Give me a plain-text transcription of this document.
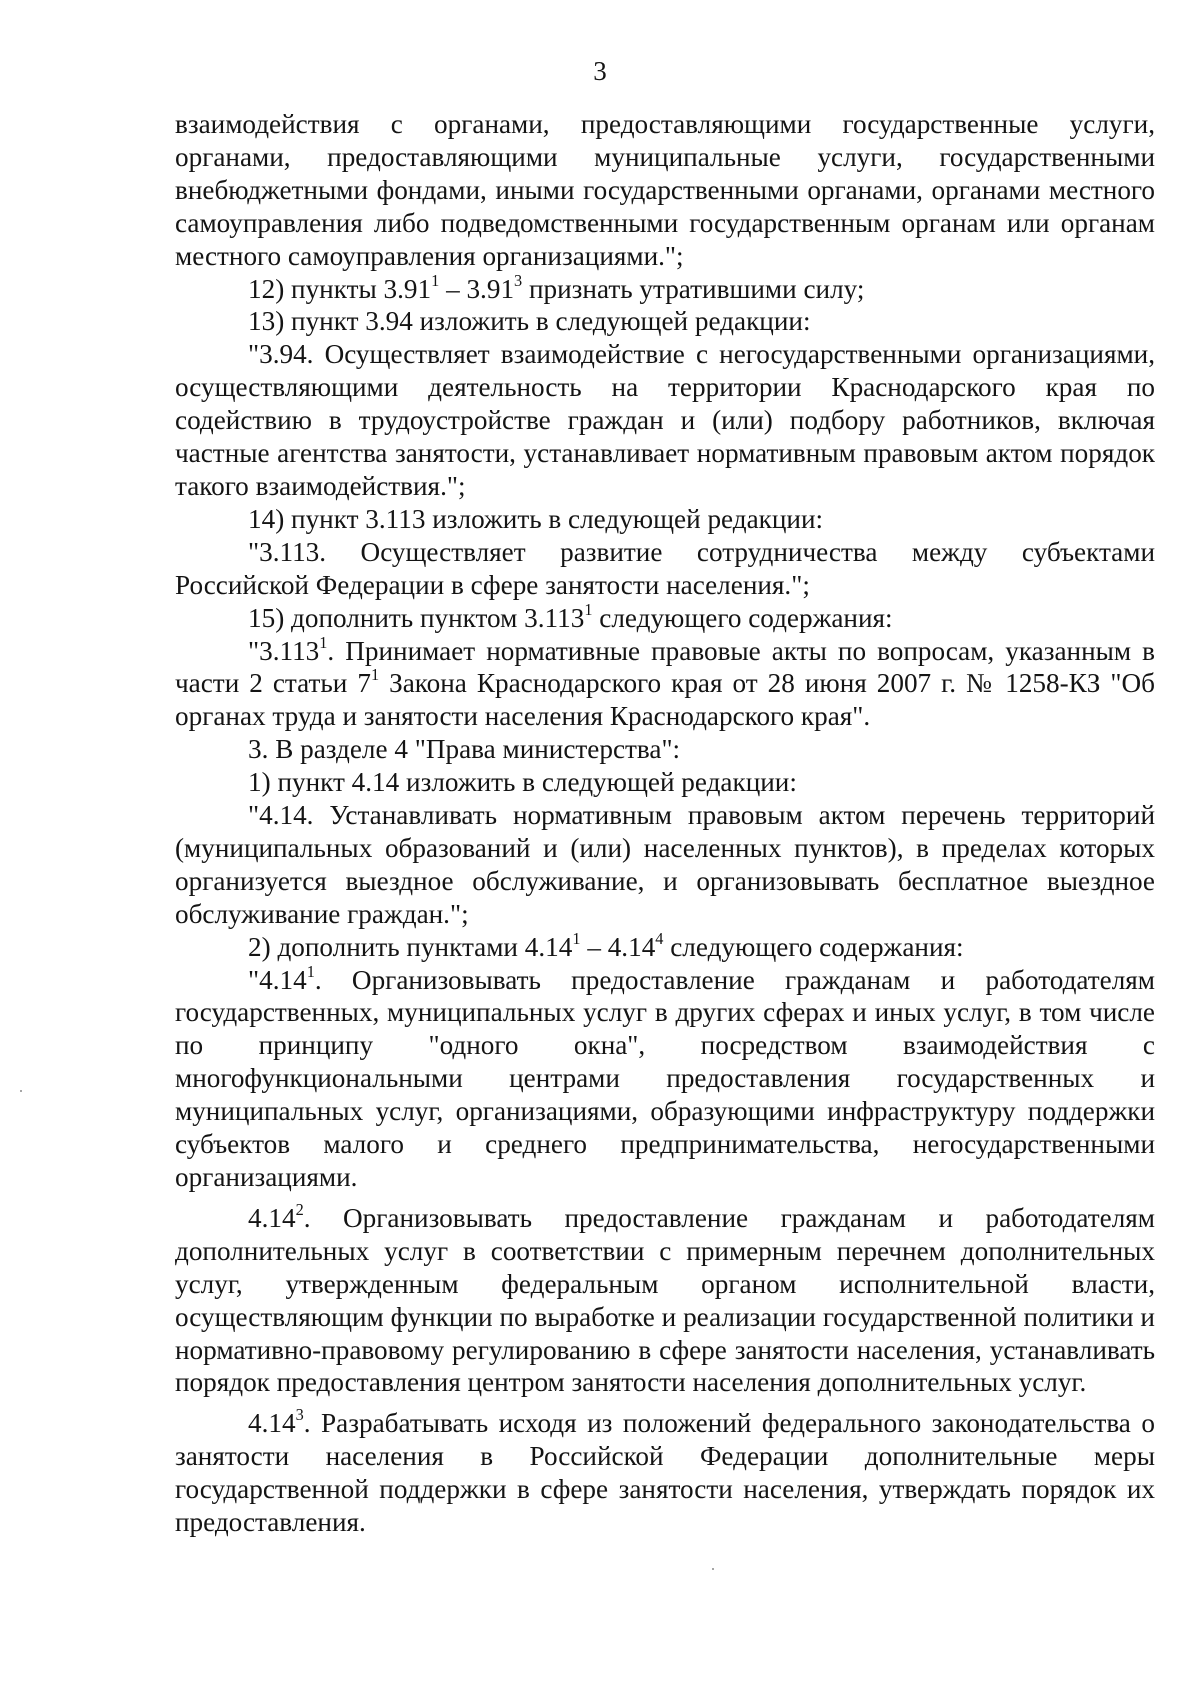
3

взаимодействия с органами, предоставляющими государственные услуги, органами, предоставляющими муниципальные услуги, государственными внебюджетными фондами, иными государственными органами, органами местного самоуправления либо подведомственными государственным органам или органам местного самоуправления организациями.";

12) пункты 3.91$^1$ – 3.91$^3$ признать утратившими силу;

13) пункт 3.94 изложить в следующей редакции:

"3.94. Осуществляет взаимодействие с негосударственными организациями, осуществляющими деятельность на территории Краснодарского края по содействию в трудоустройстве граждан и (или) подбору работников, включая частные агентства занятости, устанавливает нормативным правовым актом порядок такого взаимодействия.";

14) пункт 3.113 изложить в следующей редакции:

"3.113. Осуществляет развитие сотрудничества между субъектами Российской Федерации в сфере занятости населения.";

15) дополнить пунктом 3.113$^1$ следующего содержания:

"3.113$^1$. Принимает нормативные правовые акты по вопросам, указанным в части 2 статьи $7^1$ Закона Краснодарского края от 28 июня 2007 г. № 1258-КЗ "Об органах труда и занятости населения Краснодарского края".

3. В разделе 4 "Права министерства":

1) пункт 4.14 изложить в следующей редакции:

"4.14. Устанавливать нормативным правовым актом перечень территорий (муниципальных образований и (или) населенных пунктов), в пределах которых организуется выездное обслуживание, и организовывать бесплатное выездное обслуживание граждан.";

2) дополнить пунктами 4.14$^1$ – 4.14$^4$ следующего содержания:

"4.14$^1$. Организовывать предоставление гражданам и работодателям государственных, муниципальных услуг в других сферах и иных услуг, в том числе по принципу "одного окна", посредством взаимодействия с многофункциональными центрами предоставления государственных и муниципальных услуг, организациями, образующими инфраструктуру поддержки субъектов малого и среднего предпринимательства, негосударственными организациями.

4.14$^2$. Организовывать предоставление гражданам и работодателям дополнительных услуг в соответствии с примерным перечнем дополнительных услуг, утвержденным федеральным органом исполнительной власти, осуществляющим функции по выработке и реализации государственной политики и нормативно-правовому регулированию в сфере занятости населения, устанавливать порядок предоставления центром занятости населения дополнительных услуг.

4.14$^3$. Разрабатывать исходя из положений федерального законодательства о занятости населения в Российской Федерации дополнительные меры государственной поддержки в сфере занятости населения, утверждать порядок их предоставления.
